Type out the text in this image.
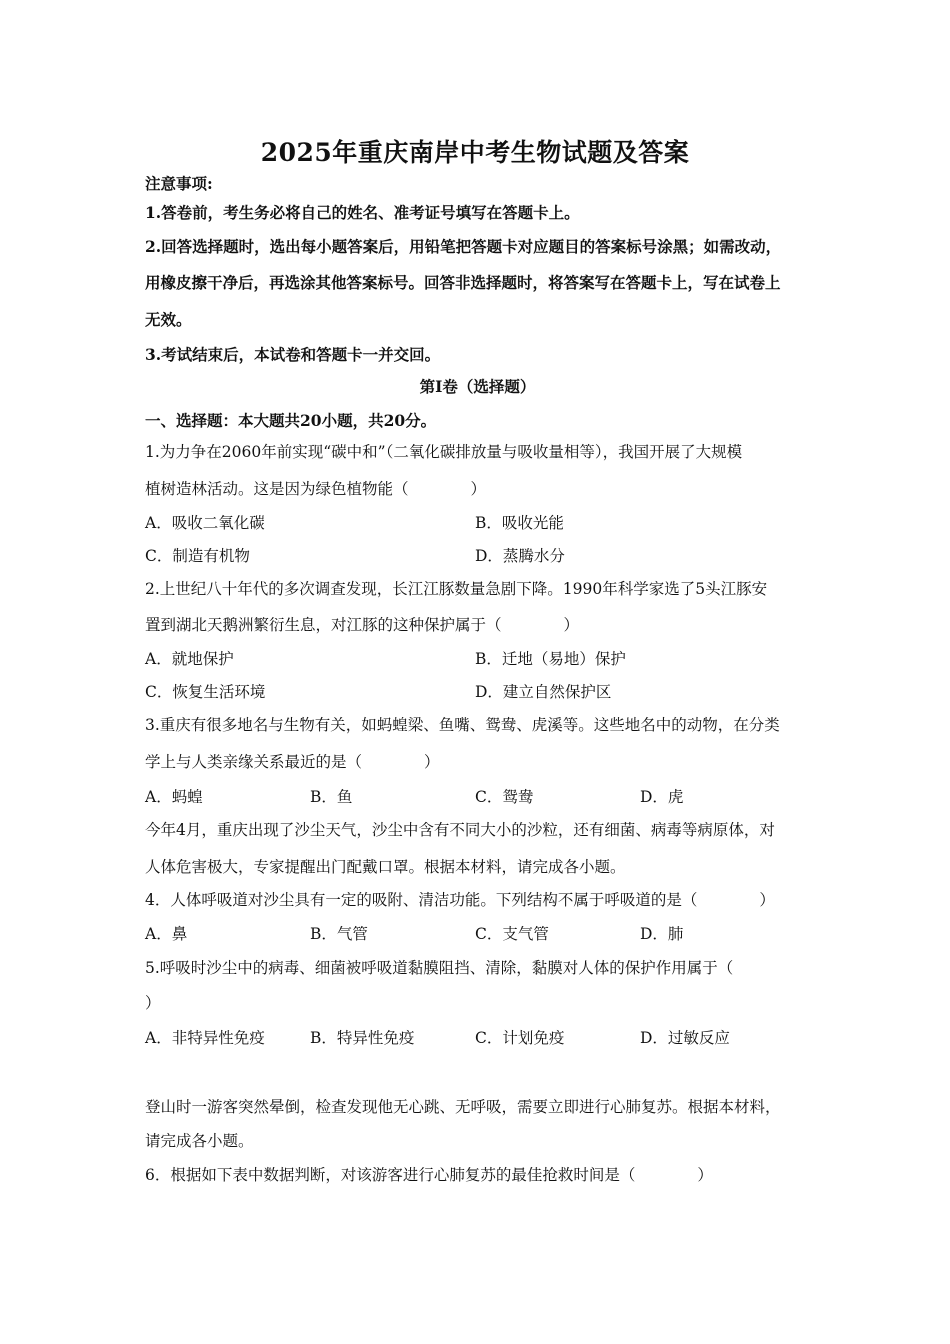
2025年重庆南岸中考生物试题及答案
注意事项:
1.答卷前，考生务必将自己的姓名、准考证号填写在答题卡上。
2.回答选择题时，选出每小题答案后，用铅笔把答题卡对应题目的答案标号涂黑；如需改动，
用橡皮擦干净后，再选涂其他答案标号。回答非选择题时，将答案写在答题卡上，写在试卷上
无效。
3.考试结束后，本试卷和答题卡一并交回。
第Ⅰ卷（选择题）
一、选择题：本大题共20小题，共20分。
1.为力争在2060年前实现“碳中和”（二氧化碳排放量与吸收量相等），我国开展了大规模
植树造林活动。这是因为绿色植物能（　　　　）
A．吸收二氧化碳	B．吸收光能
C．制造有机物	D．蒸腾水分
2.上世纪八十年代的多次调查发现，长江江豚数量急剧下降。1990年科学家选了5头江豚安
置到湖北天鹅洲繁衍生息，对江豚的这种保护属于（　　　　）
A．就地保护	B．迁地（易地）保护
C．恢复生活环境	D．建立自然保护区
3.重庆有很多地名与生物有关，如蚂蝗梁、鱼嘴、鸳鸯、虎溪等。这些地名中的动物，在分类
学上与人类亲缘关系最近的是（　　　　）
A．蚂蝗	B．鱼	C．鸳鸯	D．虎
今年4月，重庆出现了沙尘天气，沙尘中含有不同大小的沙粒，还有细菌、病毒等病原体，对
人体危害极大，专家提醒出门配戴口罩。根据本材料，请完成各小题。
4．人体呼吸道对沙尘具有一定的吸附、清洁功能。下列结构不属于呼吸道的是（　　　　）
A．鼻	B．气管	C．支气管	D．肺
5.呼吸时沙尘中的病毒、细菌被呼吸道黏膜阻挡、清除，黏膜对人体的保护作用属于（
）
A．非特异性免疫	B．特异性免疫	C．计划免疫	D．过敏反应
登山时一游客突然晕倒，检查发现他无心跳、无呼吸，需要立即进行心肺复苏。根据本材料，
请完成各小题。
6．根据如下表中数据判断，对该游客进行心肺复苏的最佳抢救时间是（　　　　）
